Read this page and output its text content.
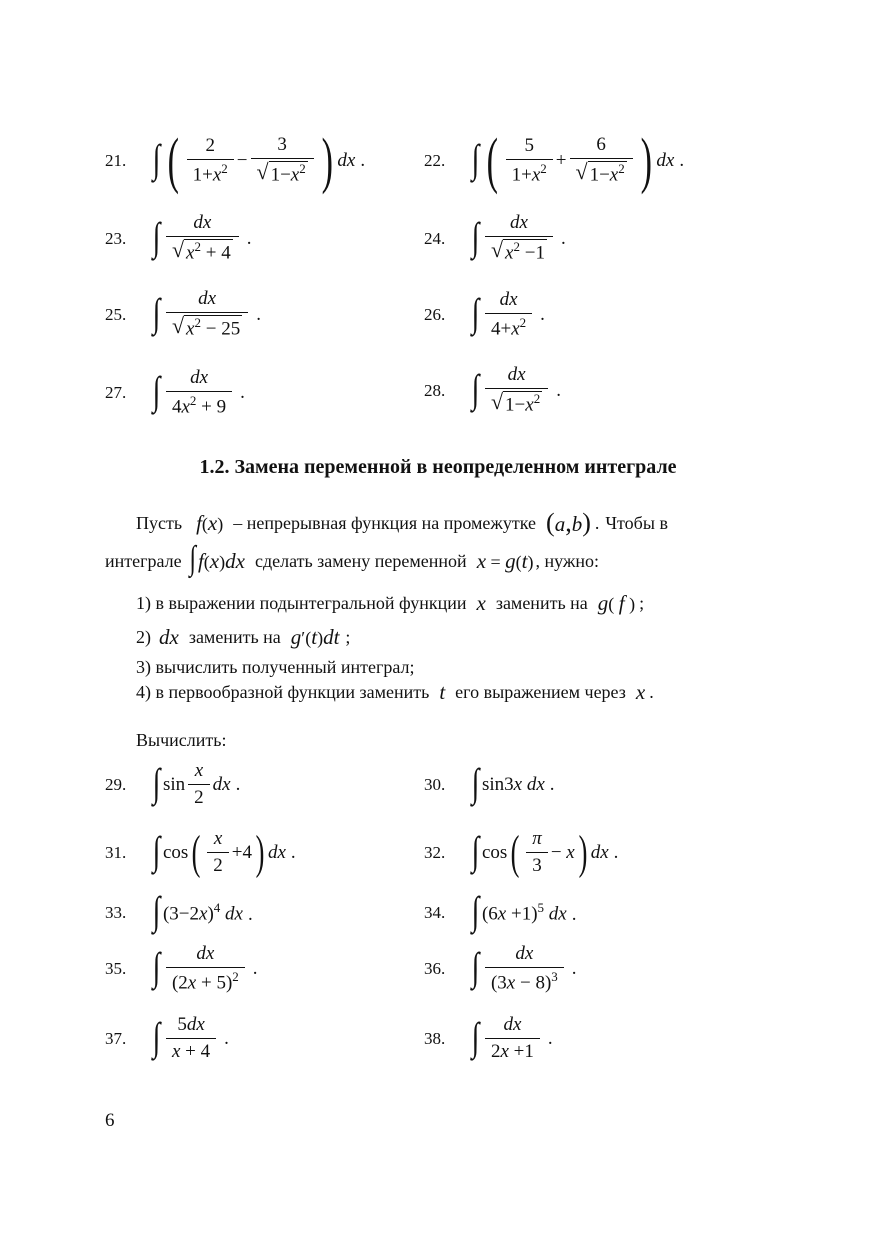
21. ∫ ( $\frac{2}{1+x^2} - \frac{3}{√ 1-x^2}$ ) dx .	22. ∫ ( $\frac{5}{1+x^2} + \frac{6}{√ 1-x^2}$ ) dx .
23. ∫ $\frac{dx}{√ x^2 + 4}$ .	24. ∫ $\frac{dx}{√ x^2 -1}$ .
25. ∫ $\frac{dx}{√ x^2 - 25}$ .	26. ∫ $\frac{dx}{4+x^2}$ .
27. ∫ $\frac{dx}{4x^2 + 9}$ .	28. ∫ $\frac{dx}{√ 1-x^2}$ .
1.2. Замена переменной в неопределенном интеграле
Пусть f(x) – непрерывная функция на промежутке (a,b) . Чтобы в
интеграле ∫ f(x)dx сделать замену переменной x = g(t) , нужно:
1) в выражении подынтегральной функции x заменить на g( f ) ;
2) dx заменить на g′(t)dt ;
3) вычислить полученный интеграл;
4) в первообразной функции заменить t его выражением через x .
Вычислить:
29. ∫ $\sin \frac{x}{2}$ dx .	30. ∫ sin3x dx .
31. ∫ cos ( $\frac{x}{2} +4$ ) dx .	32. ∫ cos ( $\frac{\pi}{3} - x$ ) dx .
33. ∫ $(3-2x)^4$ dx .	34. ∫ $(6x +1)^5$ dx .
35. ∫ $\frac{dx}{(2x + 5)^2}$ .	36. ∫ $\frac{dx}{(3x - 8)^3}$ .
37. ∫ $\frac{5dx}{x + 4}$ .	38. ∫ $\frac{dx}{2x +1}$ .
6
